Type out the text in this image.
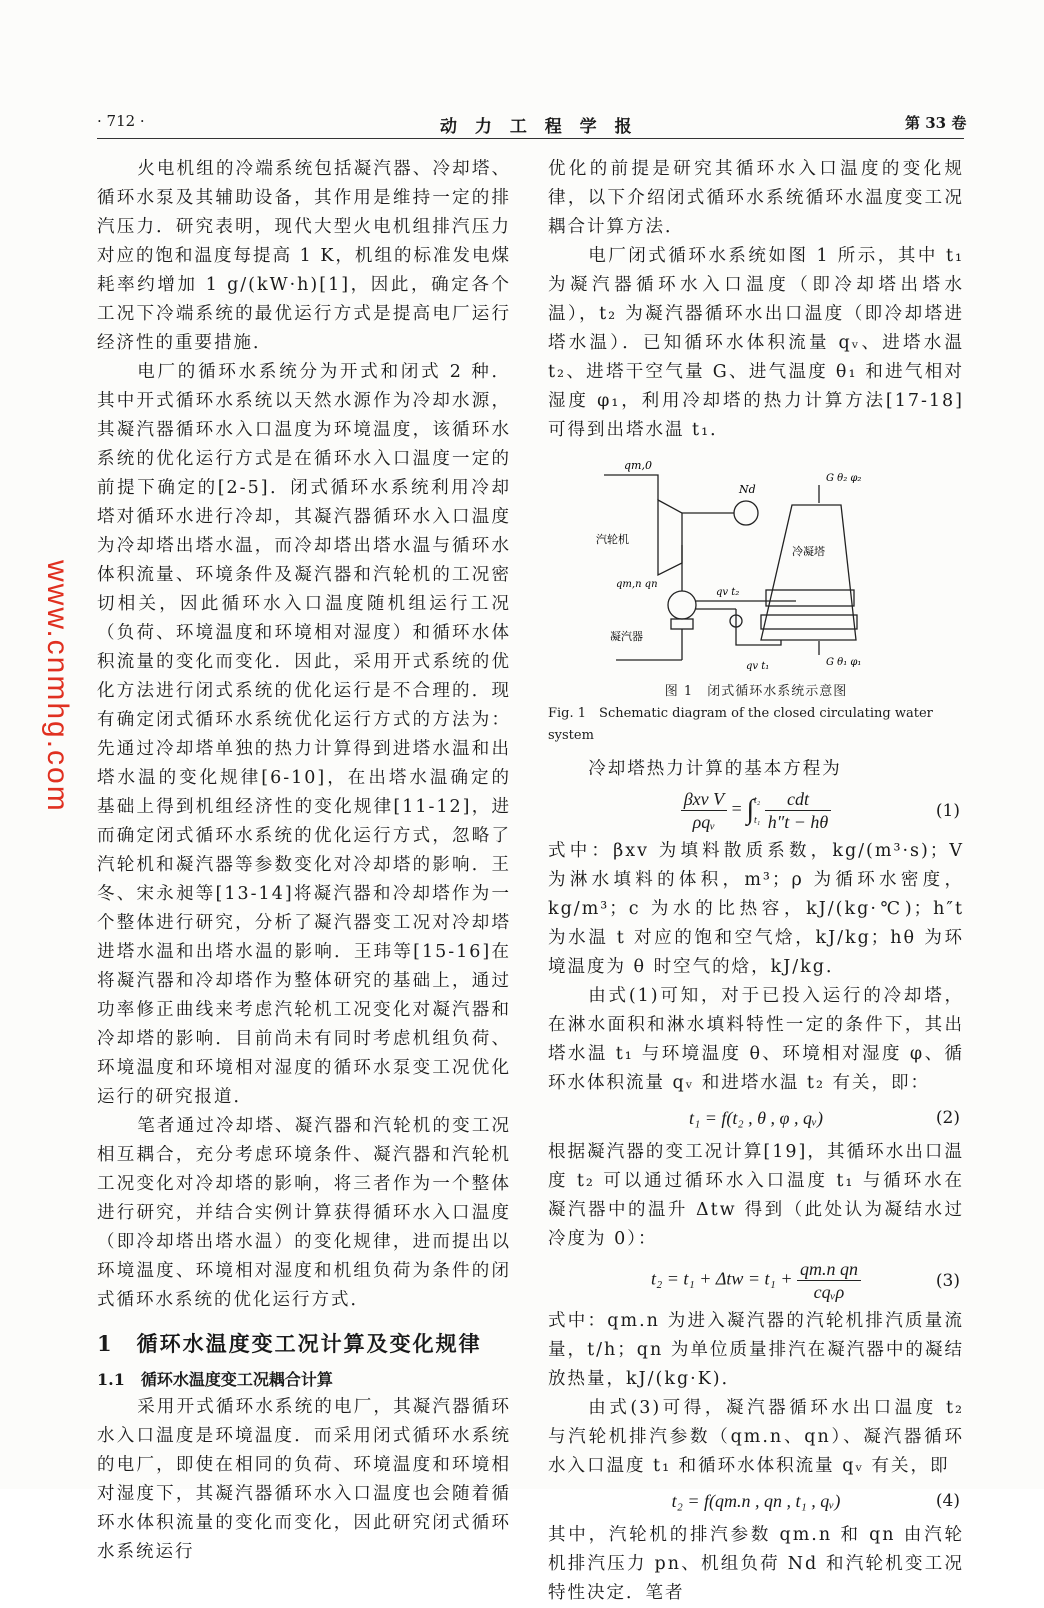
· 712 ·	动 力 工 程 学 报	第 33 卷

火电机组的冷端系统包括凝汽器、冷却塔、循环水泵及其辅助设备，其作用是维持一定的排汽压力．研究表明，现代大型火电机组排汽压力对应的饱和温度每提高 1 K，机组的标准发电煤耗率约增加 1 g/(kW·h)[1]，因此，确定各个工况下冷端系统的最优运行方式是提高电厂运行经济性的重要措施．

电厂的循环水系统分为开式和闭式 2 种．其中开式循环水系统以天然水源作为冷却水源，其凝汽器循环水入口温度为环境温度，该循环水系统的优化运行方式是在循环水入口温度一定的前提下确定的[2-5]．闭式循环水系统利用冷却塔对循环水进行冷却，其凝汽器循环水入口温度为冷却塔出塔水温，而冷却塔出塔水温与循环水体积流量、环境条件及凝汽器和汽轮机的工况密切相关，因此循环水入口温度随机组运行工况（负荷、环境温度和环境相对湿度）和循环水体积流量的变化而变化．因此，采用开式系统的优化方法进行闭式系统的优化运行是不合理的．现有确定闭式循环水系统优化运行方式的方法为：先通过冷却塔单独的热力计算得到进塔水温和出塔水温的变化规律[6-10]，在出塔水温确定的基础上得到机组经济性的变化规律[11-12]，进而确定闭式循环水系统的优化运行方式，忽略了汽轮机和凝汽器等参数变化对冷却塔的影响．王冬、宋永昶等[13-14]将凝汽器和冷却塔作为一个整体进行研究，分析了凝汽器变工况对冷却塔进塔水温和出塔水温的影响．王玮等[15-16]在将凝汽器和冷却塔作为整体研究的基础上，通过功率修正曲线来考虑汽轮机工况变化对凝汽器和冷却塔的影响．目前尚未有同时考虑机组负荷、环境温度和环境相对湿度的循环水泵变工况优化运行的研究报道．

笔者通过冷却塔、凝汽器和汽轮机的变工况相互耦合，充分考虑环境条件、凝汽器和汽轮机工况变化对冷却塔的影响，将三者作为一个整体进行研究，并结合实例计算获得循环水入口温度（即冷却塔出塔水温）的变化规律，进而提出以环境温度、环境相对湿度和机组负荷为条件的闭式循环水系统的优化运行方式．

1　循环水温度变工况计算及变化规律
1.1　循环水温度变工况耦合计算

采用开式循环水系统的电厂，其凝汽器循环水入口温度是环境温度．而采用闭式循环水系统的电厂，即使在相同的负荷、环境温度和环境相对湿度下，其凝汽器循环水入口温度也会随着循环水体积流量的变化而变化，因此研究闭式循环水系统运行

优化的前提是研究其循环水入口温度的变化规律，以下介绍闭式循环水系统循环水温度变工况耦合计算方法．

电厂闭式循环水系统如图 1 所示，其中 t₁ 为凝汽器循环水入口温度（即冷却塔出塔水温），t₂ 为凝汽器循环水出口温度（即冷却塔进塔水温）．已知循环水体积流量 qᵥ、进塔水温 t₂、进塔干空气量 G、进气温度 θ₁ 和进气相对湿度 φ₁，利用冷却塔的热力计算方法[17-18]可得到出塔水温 t₁．

qm,0
汽轮机
Nd
冷凝塔
G θ₂ φ₂
G θ₁ φ₁
qm,n qn
凝汽器
qv t₂
qv t₁
图 1　闭式循环水系统示意图
Fig. 1　Schematic diagram of the closed circulating water system

冷却塔热力计算的基本方程为

$\frac{\text{βxv V}}{\text{ρqᵥ}}$ = ∫ t₂
t₁
$\frac{\text{cdt}}{h''t - h\theta}$	(1)

式中：βxv 为填料散质系数，kg/(m³·s)；V 为淋水填料的体积，m³；ρ 为循环水密度，kg/m³；c 为水的比热容，kJ/(kg·℃)；h″t 为水温 t 对应的饱和空气焓，kJ/kg；hθ 为环境温度为 θ 时空气的焓，kJ/kg．

由式(1)可知，对于已投入运行的冷却塔，在淋水面积和淋水填料特性一定的条件下，其出塔水温 t₁ 与环境温度 θ、环境相对湿度 φ、循环水体积流量 qᵥ 和进塔水温 t₂ 有关，即：

t₁ = f(t₂ , θ , φ , qᵥ)	(2)

根据凝汽器的变工况计算[19]，其循环水出口温度 t₂ 可以通过循环水入口温度 t₁ 与循环水在凝汽器中的温升 Δtw 得到（此处认为凝结水过冷度为 0）：

$t_2 = t_1 + \Delta tw = t_1 + \frac{\text{qm.n qn}}{\text{cqᵥρ}}$	(3)

式中：qm.n 为进入凝汽器的汽轮机排汽质量流量，t/h；qn 为单位质量排汽在凝汽器中的凝结放热量，kJ/(kg·K)．

由式(3)可得，凝汽器循环水出口温度 t₂ 与汽轮机排汽参数（qm.n、qn）、凝汽器循环水入口温度 t₁ 和循环水体积流量 qᵥ 有关，即

t₂ = f(qm.n , qn , t₁ , qᵥ)	(4)

其中，汽轮机的排汽参数 qm.n 和 qn 由汽轮机排汽压力 pn、机组负荷 Nd 和汽轮机变工况特性决定．笔者

www.cnmhg.com
